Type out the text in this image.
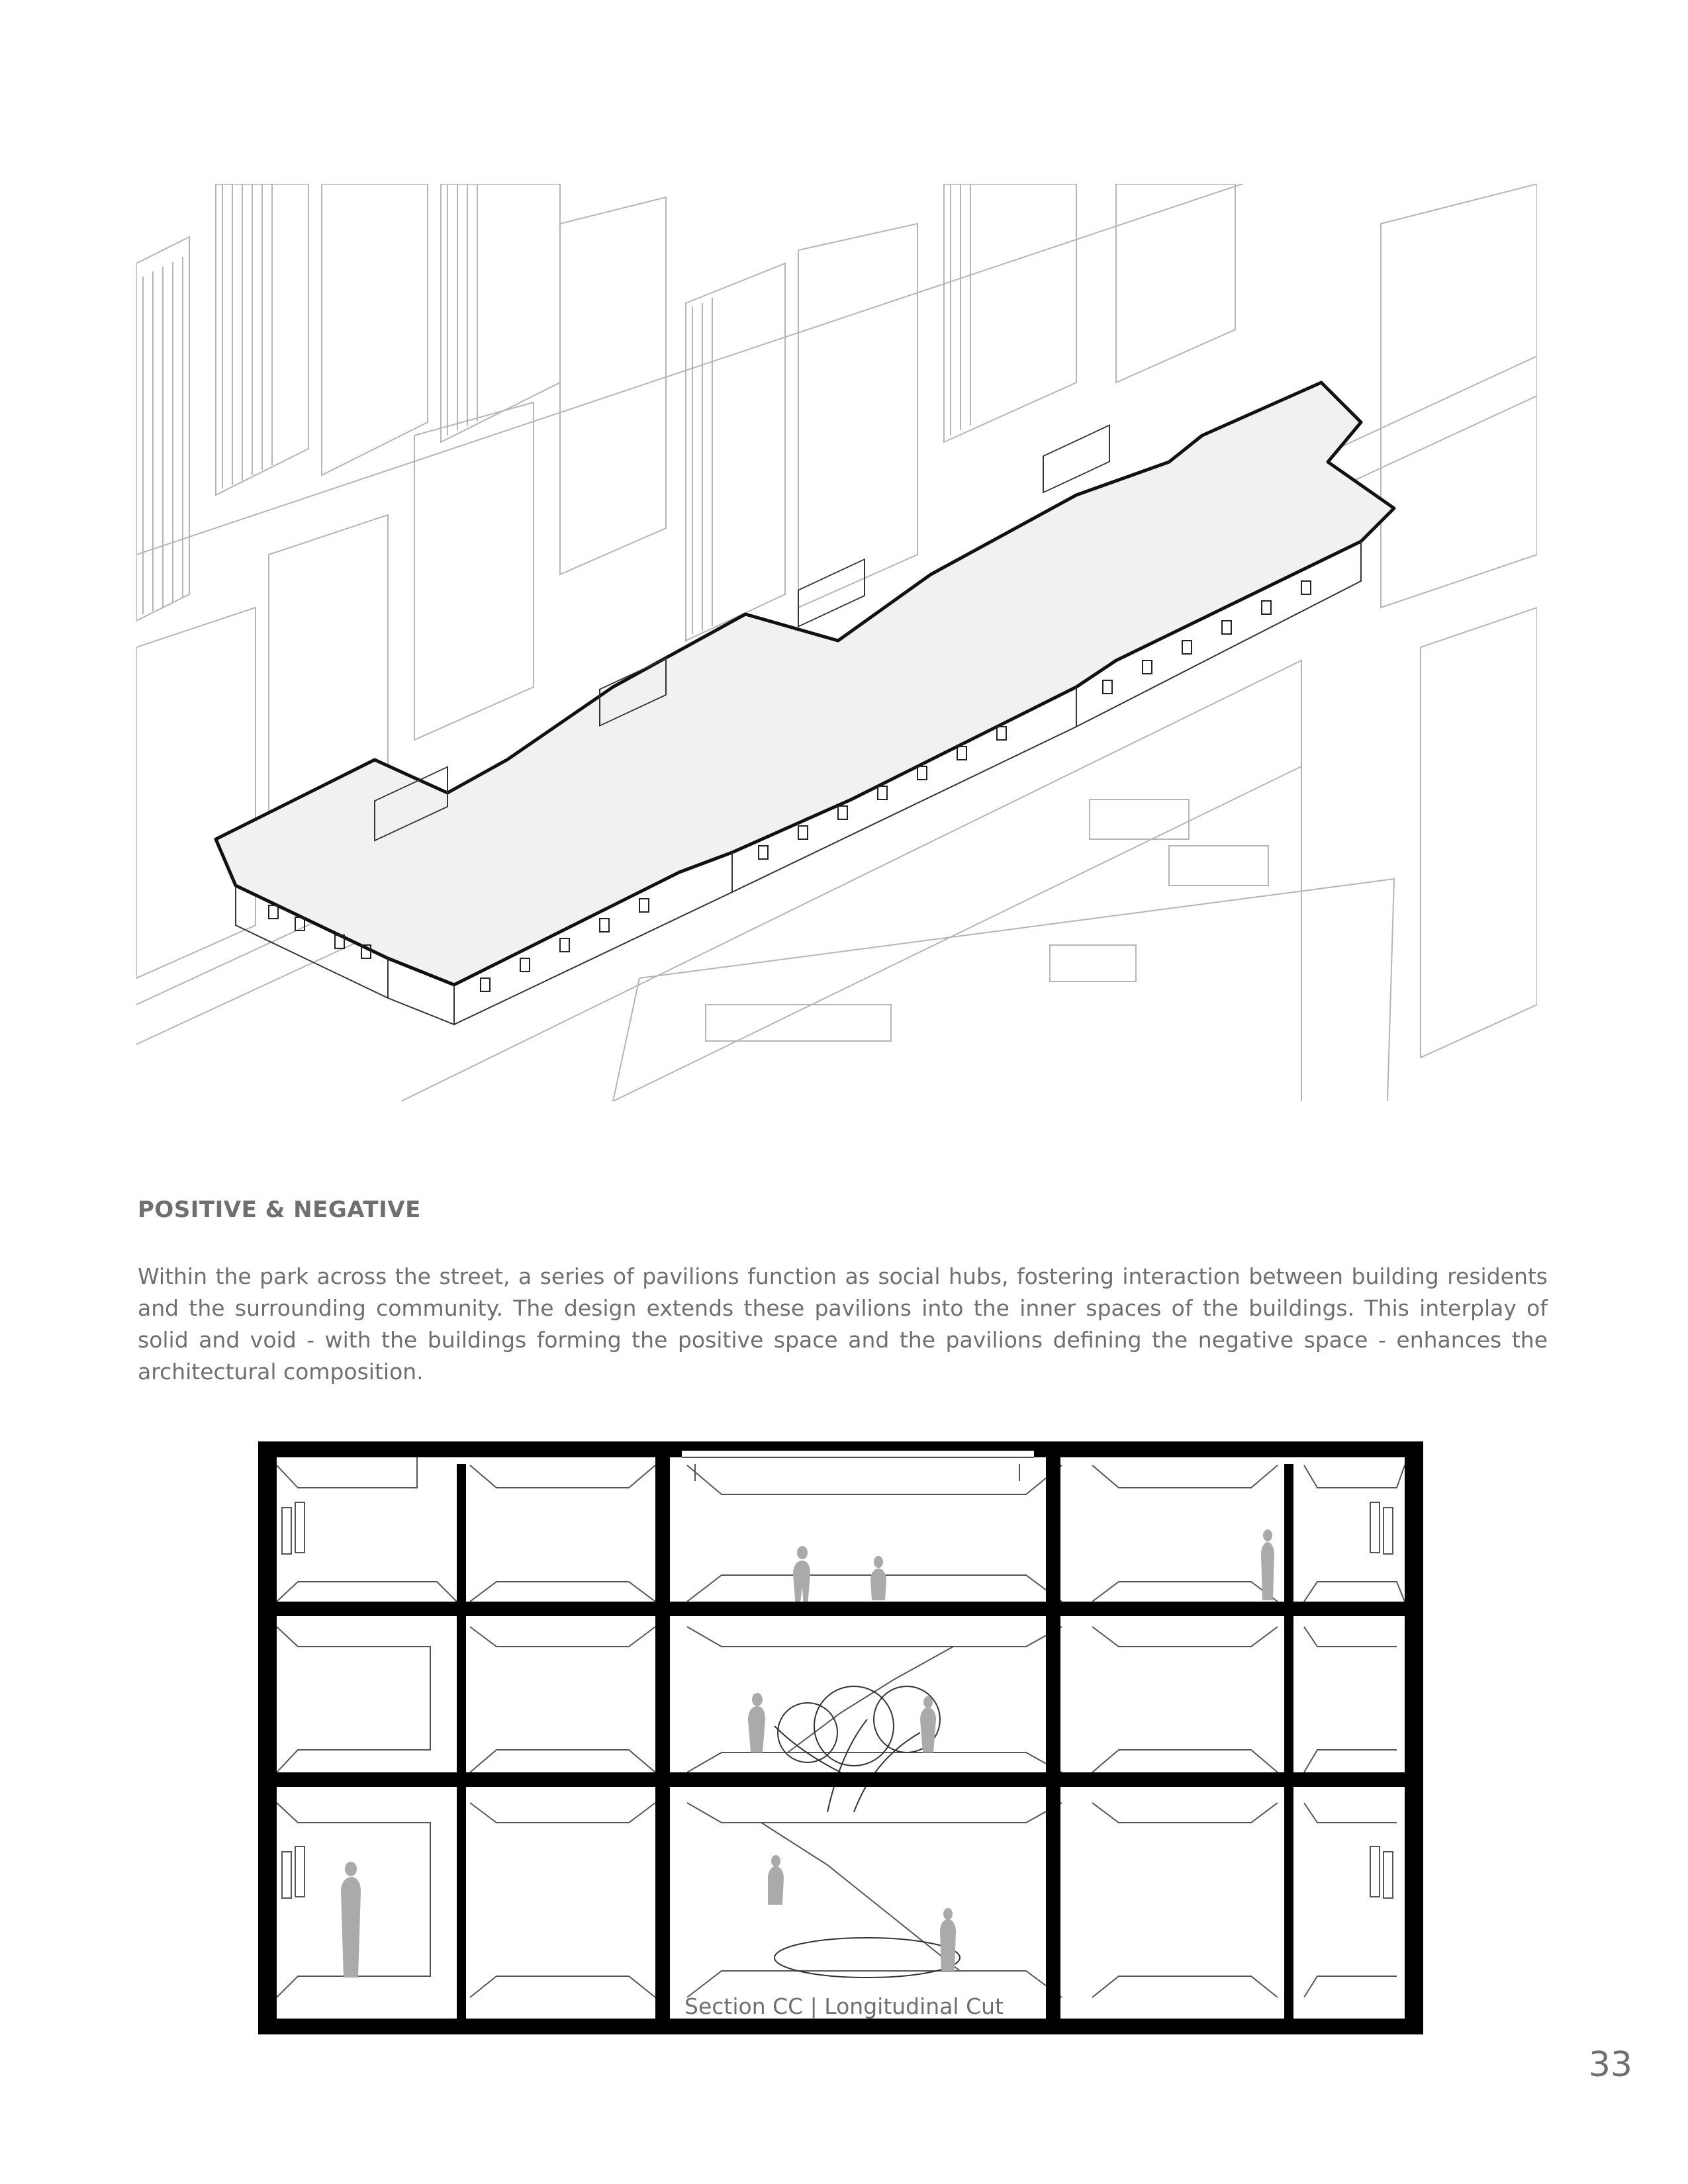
POSITIVE & NEGATIVE

Within the park across the street, a series of pavilions function as social hubs, fostering interaction between building residents and the surrounding community. The design extends these pavilions into the inner spaces of the buildings. This interplay of solid and void - with the buildings forming the positive space and the pavilions defining the negative space - enhances the architectural composition.

Section CC | Longitudinal Cut
33
